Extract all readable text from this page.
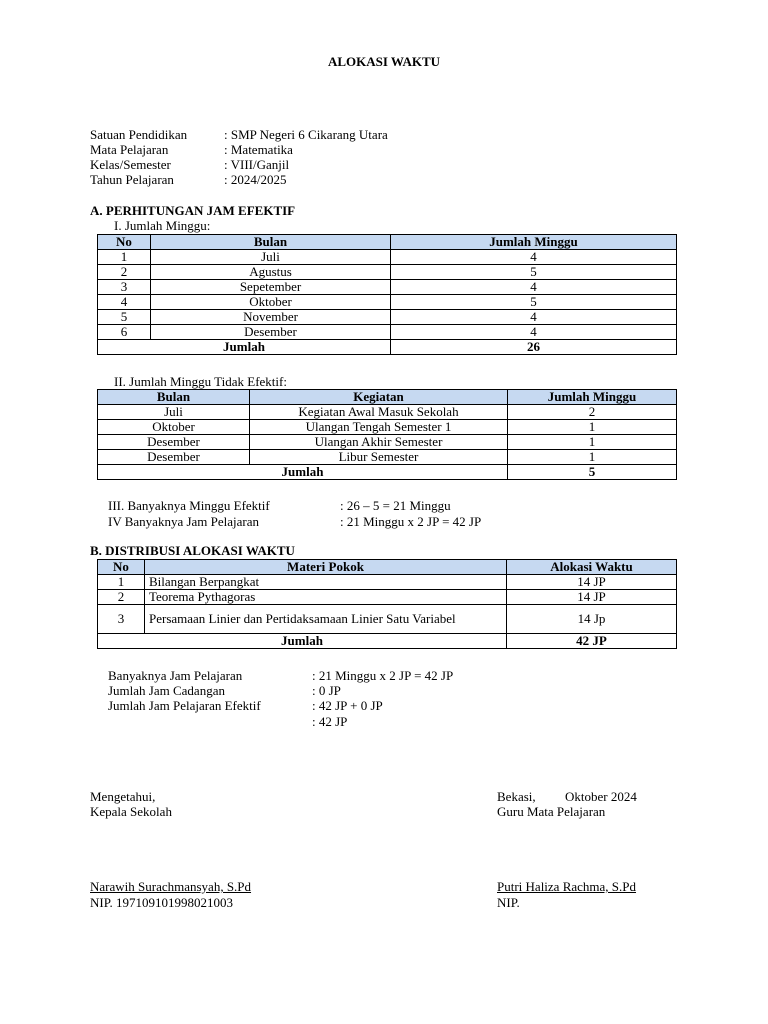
ALOKASI WAKTU
Satuan Pendidikan	: SMP Negeri 6 Cikarang Utara
Mata Pelajaran	: Matematika
Kelas/Semester	: VIII/Ganjil
Tahun Pelajaran	: 2024/2025
A. PERHITUNGAN JAM EFEKTIF
I. Jumlah Minggu:
No	Bulan	Jumlah Minggu
1	Juli	4
2	Agustus	5
3	Sepetember	4
4	Oktober	5
5	November	4
6	Desember	4
Jumlah		26
II. Jumlah Minggu Tidak Efektif:
Bulan	Kegiatan	Jumlah Minggu
Juli	Kegiatan Awal Masuk Sekolah	2
Oktober	Ulangan Tengah Semester 1	1
Desember	Ulangan Akhir Semester	1
Desember	Libur Semester	1
Jumlah		5
III. Banyaknya Minggu Efektif	: 26 – 5 = 21 Minggu
IV Banyaknya Jam Pelajaran	: 21 Minggu x 2 JP = 42 JP
B. DISTRIBUSI ALOKASI WAKTU
No	Materi Pokok	Alokasi Waktu
1	Bilangan Berpangkat	14 JP
2	Teorema Pythagoras	14 JP
3	Persamaan Linier dan Pertidaksamaan Linier Satu Variabel	14 Jp
Jumlah		42 JP
Banyaknya Jam Pelajaran	: 21 Minggu x 2 JP = 42 JP
Jumlah Jam Cadangan	: 0 JP
Jumlah Jam Pelajaran Efektif	: 42 JP + 0 JP
: 42 JP
Mengetahui,
Kepala Sekolah
Narawih Surachmansyah, S.Pd
NIP. 197109101998021003
Bekasi, Oktober 2024
Guru Mata Pelajaran
Putri Haliza Rachma, S.Pd
NIP.
